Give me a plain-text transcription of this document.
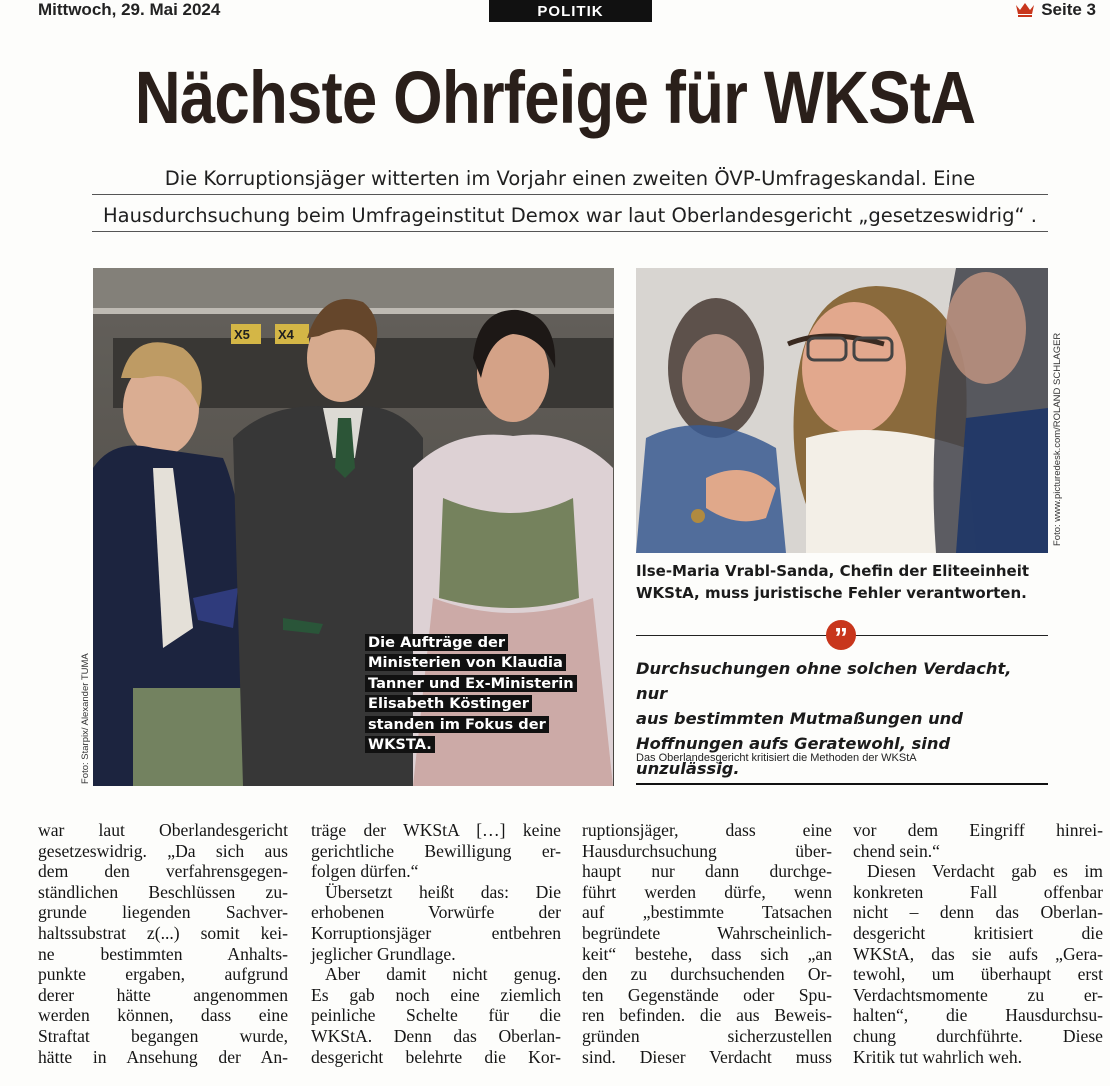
Mittwoch, 29. Mai 2024	POLITIK	Seite 3
Nächste Ohrfeige für WKStA
Die Korruptionsjäger witterten im Vorjahr einen zweiten ÖVP-Umfrageskandal. Eine
Hausdurchsuchung beim Umfrageinstitut Demox war laut Oberlandesgericht „gesetzeswidrig“ .
X5 X4
Die Aufträge der
Ministerien von Klaudia
Tanner und Ex-Ministerin
Elisabeth Köstinger
standen im Fokus der
WKSTA.
Foto: Starpix/ Alexander TUMA
Foto: www.picturedesk.com/ROLAND SCHLAGER
Ilse-Maria Vrabl-Sanda, Chefin der Eliteeinheit
WKStA, muss juristische Fehler verantworten.
”
Durchsuchungen ohne solchen Verdacht, nur
aus bestimmten Mutmaßungen und
Hoffnungen aufs Geratewohl, sind unzulässig.
Das Oberlandesgericht kritisiert die Methoden der WKStA
war laut Oberlandesgericht
gesetzeswidrig. „Da sich aus
dem den verfahrensgegen-
ständlichen Beschlüssen zu-
grunde liegenden Sachver-
haltssubstrat z(...) somit kei-
ne bestimmten Anhalts-
punkte ergaben, aufgrund
derer hätte angenommen
werden können, dass eine
Straftat begangen wurde,
hätte in Ansehung der An-
träge der WKStA […] keine
gerichtliche Bewilligung er-
folgen dürfen.“
Übersetzt heißt das: Die
erhobenen Vorwürfe der
Korruptionsjäger entbehren
jeglicher Grundlage.
Aber damit nicht genug.
Es gab noch eine ziemlich
peinliche Schelte für die
WKStA. Denn das Oberlan-
desgericht belehrte die Kor-
ruptionsjäger, dass eine
Hausdurchsuchung über-
haupt nur dann durchge-
führt werden dürfe, wenn
auf „bestimmte Tatsachen
begründete Wahrscheinlich-
keit“ bestehe, dass sich „an
den zu durchsuchenden Or-
ten Gegenstände oder Spu-
ren befinden. die aus Beweis-
gründen sicherzustellen
sind. Dieser Verdacht muss
vor dem Eingriff hinrei-
chend sein.“
Diesen Verdacht gab es im
konkreten Fall offenbar
nicht – denn das Oberlan-
desgericht kritisiert die
WKStA, das sie aufs „Gera-
tewohl, um überhaupt erst
Verdachtsmomente zu er-
halten“, die Hausdurchsu-
chung durchführte. Diese
Kritik tut wahrlich weh.
